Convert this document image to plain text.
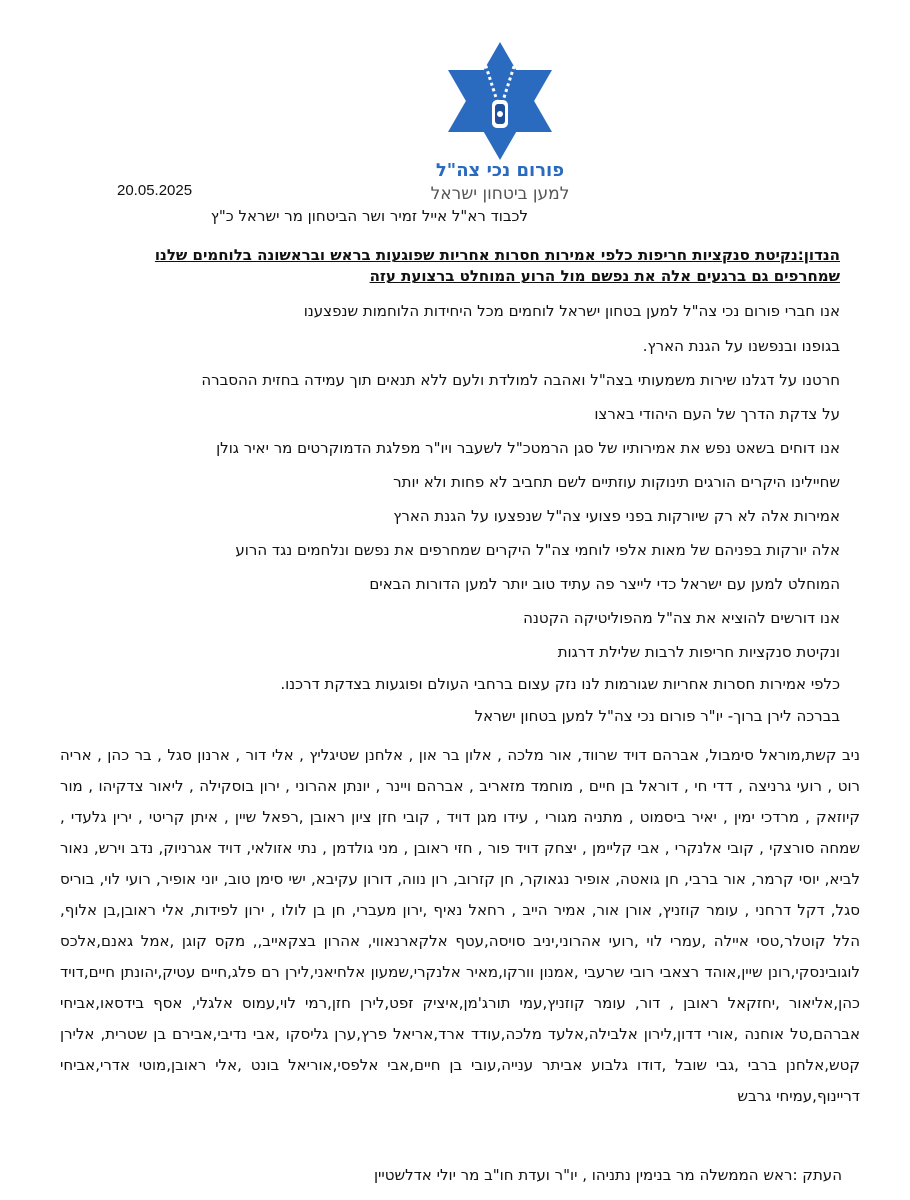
פורום נכי צה"ל
למען ביטחון ישראל
20.05.2025
לכבוד רא"ל אייל זמיר ושר הביטחון מר ישראל כ"ץ
הנדון:נקיטת סנקציות חריפות כלפי אמירות חסרות אחריות שפוגעות בראש ובראשונה בלוחמים שלנו
שמחרפים גם ברגעים אלה את נפשם מול הרוע המוחלט ברצועת עזה
אנו חברי פורום נכי צה"ל למען בטחון ישראל לוחמים מכל היחידות הלוחמות שנפצענו
בגופנו ובנפשנו על הגנת הארץ.
חרטנו על דגלנו שירות משמעותי בצה"ל ואהבה למולדת ולעם ללא תנאים תוך עמידה בחזית ההסברה
על צדקת הדרך של העם היהודי בארצו
אנו דוחים בשאט נפש את אמירותיו של סגן הרמטכ"ל לשעבר ויו"ר מפלגת הדמוקרטים מר יאיר גולן
שחיילינו היקרים הורגים תינוקות עוזתיים לשם תחביב לא פחות ולא יותר
אמירות אלה לא רק שיורקות בפני פצועי צה"ל שנפצעו על הגנת הארץ
אלה יורקות בפניהם של מאות אלפי לוחמי צה"ל היקרים שמחרפים את נפשם ונלחמים נגד הרוע
המוחלט למען עם ישראל כדי לייצר פה עתיד טוב יותר למען הדורות הבאים
אנו דורשים להוציא את צה"ל מהפוליטיקה הקטנה
ונקיטת סנקציות חריפות לרבות שלילת דרגות
כלפי אמירות חסרות אחריות שגורמות לנו נזק עצום ברחבי העולם ופוגעות בצדקת דרכנו.
בברכה לירן ברוך- יו"ר פורום נכי צה"ל למען בטחון ישראל
ניב קשת,מוראל סימבול, אברהם דויד שרווד, אור מלכה , אלון בר און , אלחנן שטיגליץ , אלי דור , ארנון סגל , בר כהן , אריה רוט , רועי גרניצה , דדי חי , דוראל בן חיים , מוחמד מזאריב , אברהם ויינר , יונתן אהרוני , ירון בוסקילה , ליאור צדקיהו , מור קיוזאק , מרדכי ימין , יאיר ביסמוט , מתניה מגורי , עידו מגן דויד , קובי חזן ציון ראובן ,רפאל שיין , איתן קריטי , ירין גלעדי , שמחה סורצקי , קובי אלנקרי , אבי קליימן , יצחק דויד פור , חזי ראובן , מני גולדמן , נתי אזולאי, דויד אגרניוק, נדב וירש, נאור לביא, יוסי קרמר, אור ברבי, חן גואטה, אופיר נגאוקר, חן קזרוב, רון נווה, דורון עקיבא, ישי סימן טוב, יוני אופיר, רועי לוי, בוריס סגל, דקל דרחני , עומר קוזניץ, אורן אור, אמיר הייב , רחאל נאיף ,ירון מעברי, חן בן לולו , ירון לפידות, אלי ראובן,בן אלוף, הלל קוטלר,טסי איילה ,עמרי לוי ,רועי אהרוני,יניב סויסה,עטף אלקארנאווי, אהרון בצקאייב,, מקס קוגן ,אמל גאנם,אלכס לוגובינסקי,רונן שיין,אוהד רצאבי רובי שרעבי ,אמנון וורקו,מאיר אלנקרי,שמעון אלחיאני,לירן רם פלג,חיים עטיק,יהונתן חיים,דויד כהן,אליאור ,יחזקאל ראובן , דור, עומר קוזניץ,עמי תורג'מן,איציק זפט,לירן חזן,רמי לוי,עמוס אלגלי, אסף בידסאו,אביחי אברהם,טל אוחנה ,אורי דדון,לירון אלבילה,אלעד מלכה,עודד ארד,אריאל פרץ,ערן גליסקו ,אבי נדיבי,אבירם בן שטרית, אלירן קטש,אלחנן ברבי ,גבי שובל ,דודו גלבוע אביתר ענייה,עובי בן חיים,אבי אלפסי,אוריאל בונט ,אלי ראובן,מוטי אדרי,אביחי דריינוף,עמיחי גרבש
העתק :ראש הממשלה מר בנימין נתניהו , יו"ר ועדת חו"ב מר יולי אדלשטיין
